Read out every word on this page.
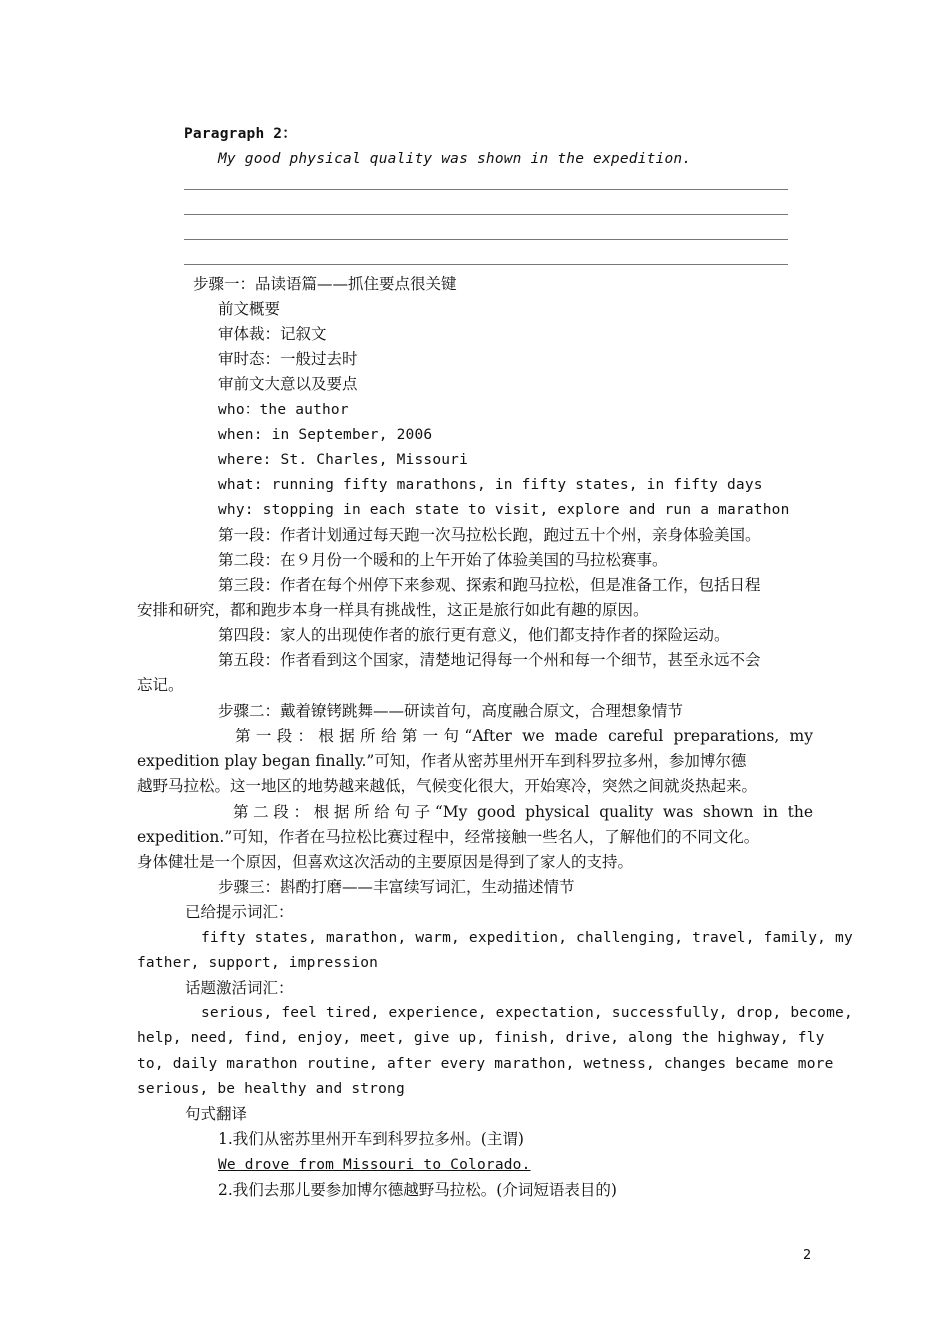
Paragraph 2：

My good physical quality was shown in the expedition.

步骤一：品读语篇——抓住要点很关键

前文概要

审体裁：记叙文

审时态：一般过去时

审前文大意以及要点

who：the author

when: in September, 2006

where: St. Charles, Missouri

what: running fifty marathons, in fifty states, in fifty days

why: stopping in each state to visit, explore and run a marathon

第一段：作者计划通过每天跑一次马拉松长跑，跑过五十个州，亲身体验美国。

第二段：在９月份一个暖和的上午开始了体验美国的马拉松赛事。

第三段：作者在每个州停下来参观、探索和跑马拉松，但是准备工作，包括日程

安排和研究，都和跑步本身一样具有挑战性，这正是旅行如此有趣的原因。

第四段：家人的出现使作者的旅行更有意义，他们都支持作者的探险运动。

第五段：作者看到这个国家，清楚地记得每一个州和每一个细节，甚至永远不会

忘记。

步骤二：戴着镣铐跳舞——研读首句，高度融合原文，合理想象情节

第一段：根据所给第一句“After we made careful preparations, my

expedition play began finally.”可知，作者从密苏里州开车到科罗拉多州，参加博尔德

越野马拉松。这一地区的地势越来越低，气候变化很大，开始寒冷，突然之间就炎热起来。

第二段：根据所给句子“My good physical quality was shown in the

expedition.”可知，作者在马拉松比赛过程中，经常接触一些名人，了解他们的不同文化。

身体健壮是一个原因，但喜欢这次活动的主要原因是得到了家人的支持。

步骤三：斟酌打磨——丰富续写词汇，生动描述情节

已给提示词汇：

fifty states, marathon, warm, expedition, challenging, travel, family, my

father, support, impression

话题激活词汇：

serious, feel tired, experience, expectation, successfully, drop, become,

help, need, find, enjoy, meet, give up, finish, drive, along the highway, fly

to, daily marathon routine, after every marathon, wetness, changes became more

serious, be healthy and strong

句式翻译

1.我们从密苏里州开车到科罗拉多州。(主谓)

We drove from Missouri to Colorado.

2.我们去那儿要参加博尔德越野马拉松。(介词短语表目的)

2
